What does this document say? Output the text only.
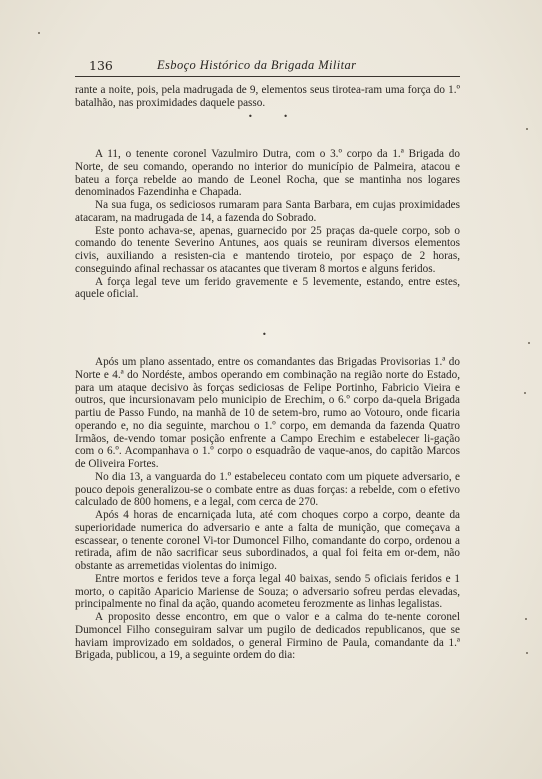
136	Esboço Histórico da Brigada Militar

rante a noite, pois, pela madrugada de 9, elementos seus tirotea-ram uma força do 1.º batalhão, nas proximidades daquele passo.

• •

A 11, o tenente coronel Vazulmiro Dutra, com o 3.º corpo da 1.ª Brigada do Norte, de seu comando, operando no interior do município de Palmeira, atacou e bateu a força rebelde ao mando de Leonel Rocha, que se mantinha nos logares denominados Fazendinha e Chapada.

Na sua fuga, os sediciosos rumaram para Santa Barbara, em cujas proximidades atacaram, na madrugada de 14, a fazenda do Sobrado.

Este ponto achava-se, apenas, guarnecido por 25 praças da-quele corpo, sob o comando do tenente Severino Antunes, aos quais se reuniram diversos elementos civis, auxiliando a resisten-cia e mantendo tiroteio, por espaço de 2 horas, conseguindo afinal rechassar os atacantes que tiveram 8 mortos e alguns feridos.

A força legal teve um ferido gravemente e 5 levemente, estando, entre estes, aquele oficial.

•

Após um plano assentado, entre os comandantes das Brigadas Provisorias 1.ª do Norte e 4.ª do Nordéste, ambos operando em combinação na região norte do Estado, para um ataque decisivo às forças sediciosas de Felipe Portinho, Fabricio Vieira e outros, que incursionavam pelo municipio de Erechim, o 6.º corpo da-quela Brigada partiu de Passo Fundo, na manhã de 10 de setem-bro, rumo ao Votouro, onde ficaria operando e, no dia seguinte, marchou o 1.º corpo, em demanda da fazenda Quatro Irmãos, de-vendo tomar posição enfrente a Campo Erechim e estabelecer li-gação com o 6.º. Acompanhava o 1.º corpo o esquadrão de vaque-anos, do capitão Marcos de Oliveira Fortes.

No dia 13, a vanguarda do 1.º estabeleceu contato com um piquete adversario, e pouco depois generalizou-se o combate entre as duas forças: a rebelde, com o efetivo calculado de 800 homens, e a legal, com cerca de 270.

Após 4 horas de encarniçada luta, até com choques corpo a corpo, deante da superioridade numerica do adversario e ante a falta de munição, que começava a escassear, o tenente coronel Vi-tor Dumoncel Filho, comandante do corpo, ordenou a retirada, afim de não sacrificar seus subordinados, a qual foi feita em or-dem, não obstante as arremetidas violentas do inimigo.

Entre mortos e feridos teve a força legal 40 baixas, sendo 5 oficiais feridos e 1 morto, o capitão Aparicio Mariense de Souza; o adversario sofreu perdas elevadas, principalmente no final da ação, quando acometeu ferozmente as linhas legalistas.

A proposito desse encontro, em que o valor e a calma do te-nente coronel Dumoncel Filho conseguiram salvar um pugilo de dedicados republicanos, que se haviam improvizado em soldados, o general Firmino de Paula, comandante da 1.ª Brigada, publicou, a 19, a seguinte ordem do dia:
